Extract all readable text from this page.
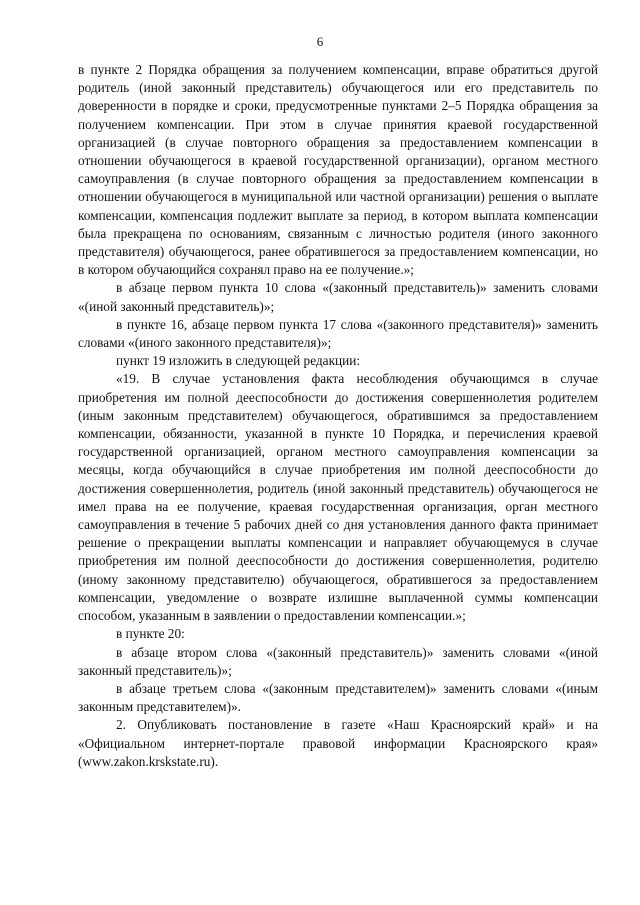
6

в пункте 2 Порядка обращения за получением компенсации, вправе обратиться другой родитель (иной законный представитель) обучающегося или его представитель по доверенности в порядке и сроки, предусмотренные пунктами 2–5 Порядка обращения за получением компенсации. При этом в случае принятия краевой государственной организацией (в случае повторного обращения за предоставлением компенсации в отношении обучающегося в краевой государственной организации), органом местного самоуправления (в случае повторного обращения за предоставлением компенсации в отношении обучающегося в муниципальной или частной организации) решения о выплате компенсации, компенсация подлежит выплате за период, в котором выплата компенсации была прекращена по основаниям, связанным с личностью родителя (иного законного представителя) обучающегося, ранее обратившегося за предоставлением компенсации, но в котором обучающийся сохранял право на ее получение.»;

в абзаце первом пункта 10 слова «(законный представитель)» заменить словами «(иной законный представитель)»;

в пункте 16, абзаце первом пункта 17 слова «(законного представителя)» заменить словами «(иного законного представителя)»;

пункт 19 изложить в следующей редакции:

«19. В случае установления факта несоблюдения обучающимся в случае приобретения им полной дееспособности до достижения совершеннолетия родителем (иным законным представителем) обучающегося, обратившимся за предоставлением компенсации, обязанности, указанной в пункте 10 Порядка, и перечисления краевой государственной организацией, органом местного самоуправления компенсации за месяцы, когда обучающийся в случае приобретения им полной дееспособности до достижения совершеннолетия, родитель (иной законный представитель) обучающегося не имел права на ее получение, краевая государственная организация, орган местного самоуправления в течение 5 рабочих дней со дня установления данного факта принимает решение о прекращении выплаты компенсации и направляет обучающемуся в случае приобретения им полной дееспособности до достижения совершеннолетия, родителю (иному законному представителю) обучающегося, обратившегося за предоставлением компенсации, уведомление о возврате излишне выплаченной суммы компенсации способом, указанным в заявлении о предоставлении компенсации.»;

в пункте 20:

в абзаце втором слова «(законный представитель)» заменить словами «(иной законный представитель)»;

в абзаце третьем слова «(законным представителем)» заменить словами «(иным законным представителем)».

2. Опубликовать постановление в газете «Наш Красноярский край» и на «Официальном интернет-портале правовой информации Красноярского края» (www.zakon.krskstate.ru).
